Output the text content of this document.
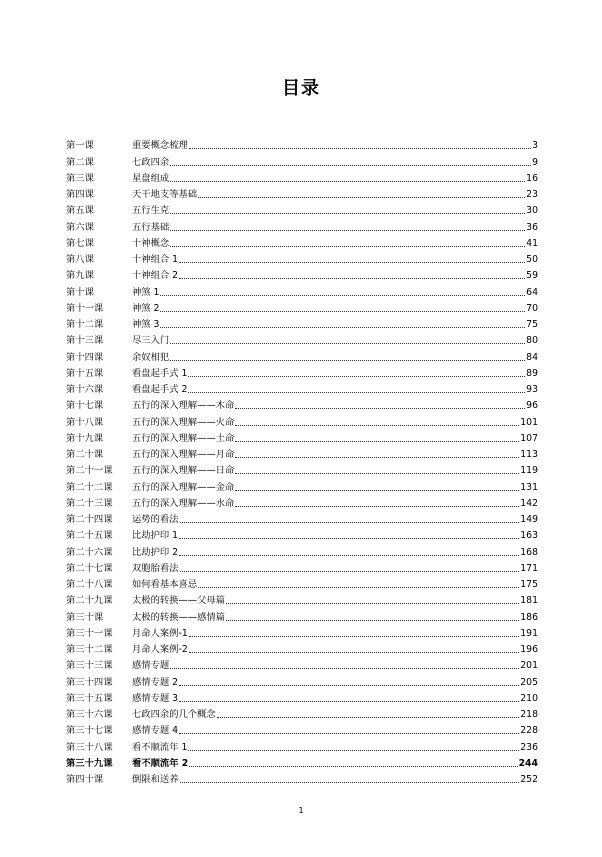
目录
第一课	重要概念梳理	3
第二课	七政四余	9
第三课	星盘组成	16
第四课	天干地支等基础	23
第五课	五行生克	30
第六课	五行基础	36
第七课	十神概念	41
第八课	十神组合 1	50
第九课	十神组合 2	59
第十课	神煞 1	64
第十一课	神煞 2	70
第十二课	神煞 3	75
第十三课	尽三入门	80
第十四课	余奴相犯	84
第十五课	看盘起手式 1	89
第十六课	看盘起手式 2	93
第十七课	五行的深入理解——木命	96
第十八课	五行的深入理解——火命	101
第十九课	五行的深入理解——土命	107
第二十课	五行的深入理解——月命	113
第二十一课	五行的深入理解——日命	119
第二十二课	五行的深入理解——金命	131
第二十三课	五行的深入理解——水命	142
第二十四课	运势的看法	149
第二十五课	比劫护印 1	163
第二十六课	比劫护印 2	168
第二十七课	双胞胎看法	171
第二十八课	如何看基本喜忌	175
第二十九课	太极的转换——父母篇	181
第三十课	太极的转换——感情篇	186
第三十一课	月命人案例-1	191
第三十二课	月命人案例-2	196
第三十三课	感情专题	201
第三十四课	感情专题 2	205
第三十五课	感情专题 3	210
第三十六课	七政四余的几个概念	218
第三十七课	感情专题 4	228
第三十八课	看不顺流年 1	236
第三十九课	看不顺流年 2	244
第四十课	倒限和送养	252
1
